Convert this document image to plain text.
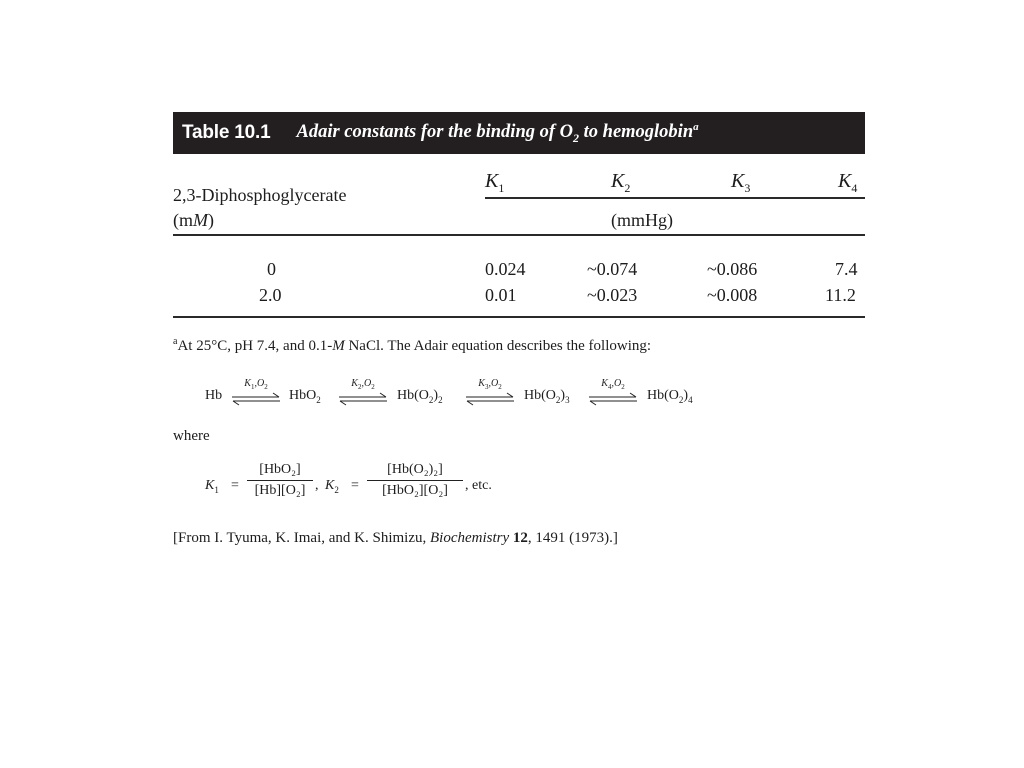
Table 10.1 Adair constants for the binding of $O_2$ to hemoglobin$^a$
$K_1$	$K_2$	$K_3$	$K_4$
2,3-Diphosphoglycerate
(mM)	(mmHg)
0	0.024	~0.074	~0.086	7.4
2.0	0.01	~0.023	~0.008	11.2
$^a$At 25°C, pH 7.4, and 0.1-M NaCl. The Adair equation describes the following:
Hb
$K_1,O_2$
HbO$_2$
$K_2,O_2$
$Hb(O_2)_2$
$K_3,O_2$
$Hb(O_2)_3$
$K_4,O_2$
$Hb(O_2)_4$
where
$K_1$ =
[HbO₂]
[Hb][O₂] , $K_2$ =
[Hb(O₂)₂]
[HbO₂][O₂]	, etc.
[From I. Tyuma, K. Imai, and K. Shimizu, Biochemistry 12, 1491 (1973).]
